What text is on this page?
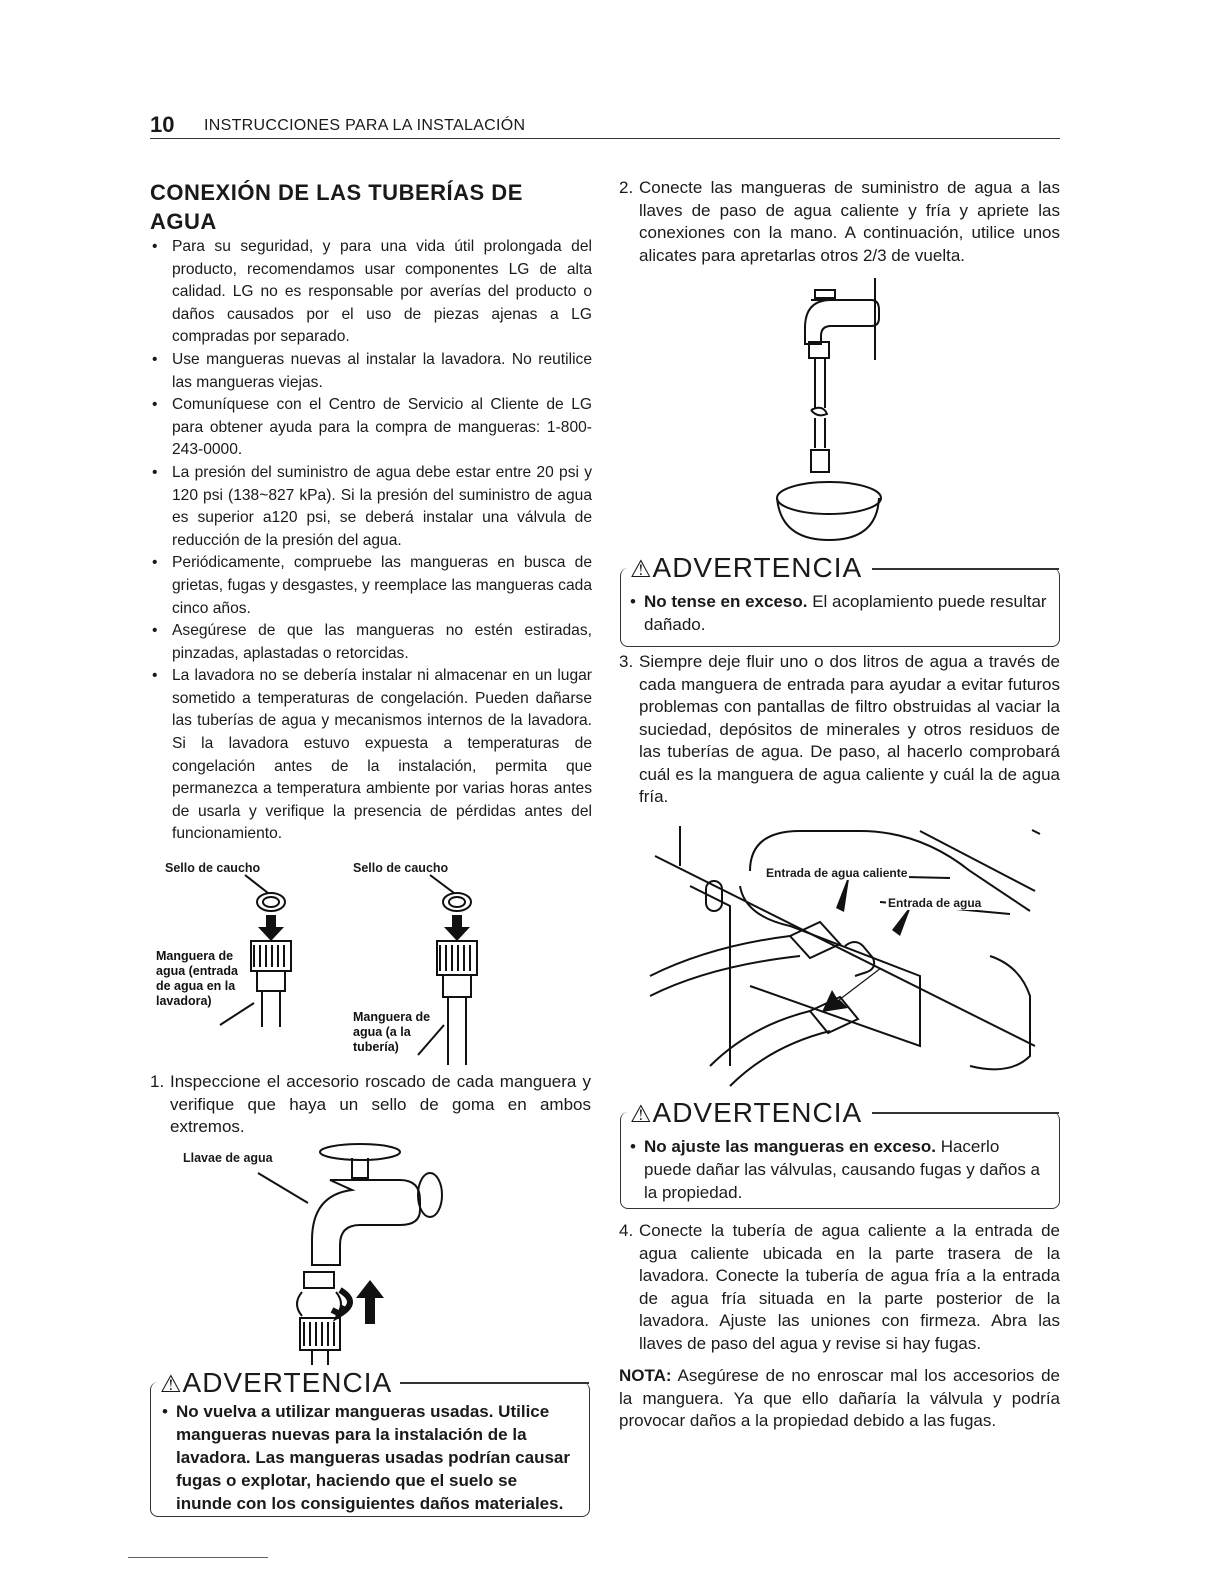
10 INSTRUCCIONES PARA LA INSTALACIÓN
CONEXIÓN DE LAS TUBERÍAS DE AGUA
• Para su seguridad, y para una vida útil prolongada del producto, recomendamos usar componentes LG de alta calidad. LG no es responsable por averías del producto o daños causados por el uso de piezas ajenas a LG compradas por separado.
• Use mangueras nuevas al instalar la lavadora. No reutilice las mangueras viejas.
• Comuníquese con el Centro de Servicio al Cliente de LG para obtener ayuda para la compra de mangueras: 1-800-243-0000.
• La presión del suministro de agua debe estar entre 20 psi y 120 psi (138~827 kPa). Si la presión del suministro de agua es superior a120 psi, se deberá instalar una válvula de reducción de la presión del agua.
• Periódicamente, compruebe las mangueras en busca de grietas, fugas y desgastes, y reemplace las mangueras cada cinco años.
• Asegúrese de que las mangueras no estén estiradas, pinzadas, aplastadas o retorcidas.
• La lavadora no se debería instalar ni almacenar en un lugar sometido a temperaturas de congelación. Pueden dañarse las tuberías de agua y mecanismos internos de la lavadora. Si la lavadora estuvo expuesta a temperaturas de congelación antes de la instalación, permita que permanezca a temperatura ambiente por varias horas antes de usarla y verifique la presencia de pérdidas antes del funcionamiento.
Sello de caucho	Sello de caucho
Manguera de agua (entrada de agua en la lavadora)
Manguera de agua (a la tubería)
1. Inspeccione el accesorio roscado de cada manguera y verifique que haya un sello de goma en ambos extremos.
Llavae de agua
⚠ADVERTENCIA
• No vuelva a utilizar mangueras usadas. Utilice mangueras nuevas para la instalación de la lavadora. Las mangueras usadas podrían causar fugas o explotar, haciendo que el suelo se inunde con los consiguientes daños materiales.
2. Conecte las mangueras de suministro de agua a las llaves de paso de agua caliente y fría y apriete las conexiones con la mano. A continuación, utilice unos alicates para apretarlas otros 2/3 de vuelta.
⚠ADVERTENCIA
• No tense en exceso. El acoplamiento puede resultar dañado.
3. Siempre deje fluir uno o dos litros de agua a través de cada manguera de entrada para ayudar a evitar futuros problemas con pantallas de filtro obstruidas al vaciar la suciedad, depósitos de minerales y otros residuos de las tuberías de agua. De paso, al hacerlo comprobará cuál es la manguera de agua caliente y cuál la de agua fría.
Entrada de agua caliente
Entrada de agua
⚠ADVERTENCIA
• No ajuste las mangueras en exceso. Hacerlo puede dañar las válvulas, causando fugas y daños a la propiedad.
4. Conecte la tubería de agua caliente a la entrada de agua caliente ubicada en la parte trasera de la lavadora. Conecte la tubería de agua fría a la entrada de agua fría situada en la parte posterior de la lavadora. Ajuste las uniones con firmeza. Abra las llaves de paso del agua y revise si hay fugas.
NOTA: Asegúrese de no enroscar mal los accesorios de la manguera. Ya que ello dañaría la válvula y podría provocar daños a la propiedad debido a las fugas.
